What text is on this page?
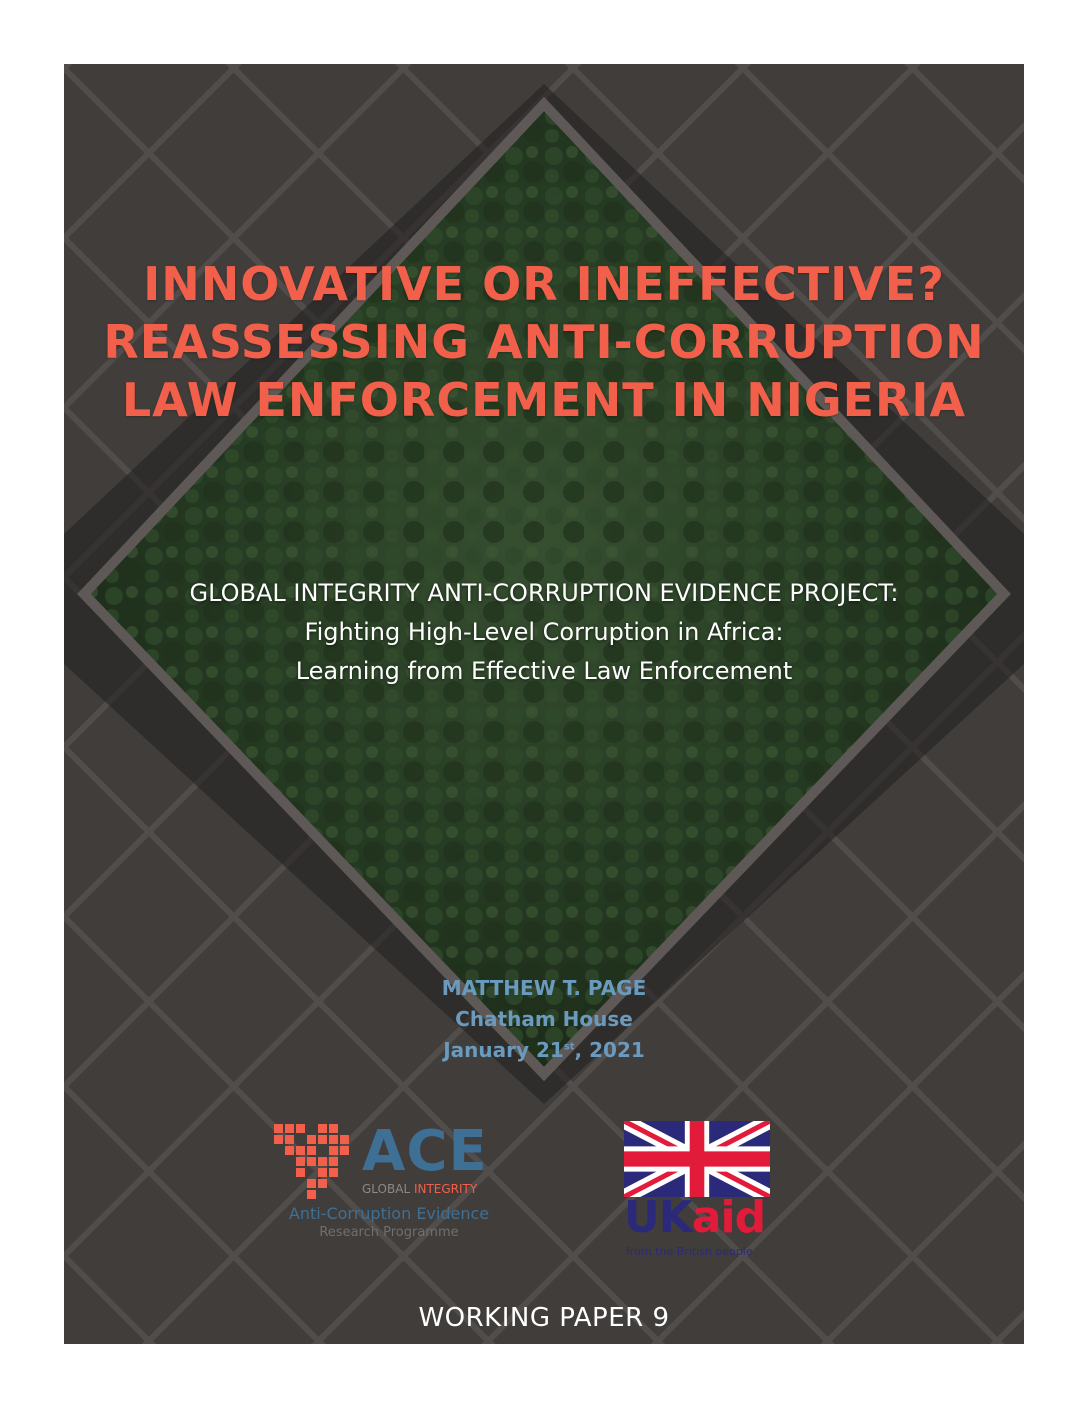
INNOVATIVE OR INEFFECTIVE?
REASSESSING ANTI-CORRUPTION
LAW ENFORCEMENT IN NIGERIA
GLOBAL INTEGRITY ANTI-CORRUPTION EVIDENCE PROJECT:
Fighting High-Level Corruption in Africa:
Learning from Effective Law Enforcement
MATTHEW T. PAGE
Chatham House
January 21st, 2021
ACE
GLOBAL INTEGRITY
Anti-Corruption Evidence
Research Programme	UKaid
from the British people
WORKING PAPER 9
